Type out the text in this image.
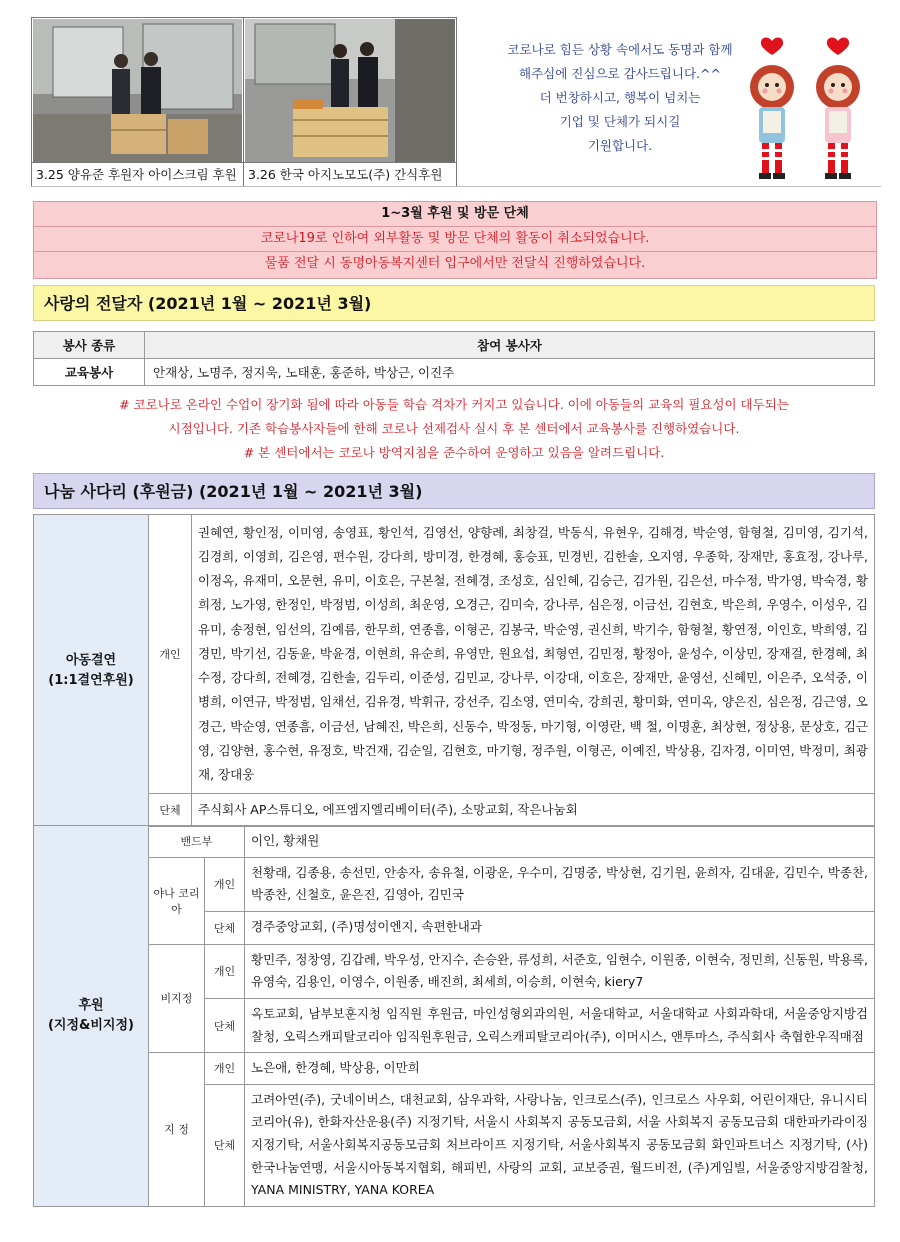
3.25 양유준 후원자 아이스크림 후원 3.26 한국 아지노모도(주) 간식후원
코로나로 힘든 상황 속에서도 동명과 함께
해주심에 진심으로 감사드립니다.^^
더 번창하시고, 행복이 넘치는
기업 및 단체가 되시길
기원합니다.
1~3월 후원 및 방문 단체
코로나19로 인하여 외부활동 및 방문 단체의 활동이 취소되었습니다.
물품 전달 시 동명아동복지센터 입구에서만 전달식 진행하였습니다.
사랑의 전달자 (2021년 1월 ~ 2021년 3월)
봉사 종류	참여 봉사자
교육봉사	안재상, 노명주, 정지욱, 노태훈, 홍준하, 박상근, 이진주
# 코로나로 온라인 수업이 장기화 됨에 따라 아동들 학습 격차가 커지고 있습니다. 이에 아동들의 교육의 필요성이 대두되는
시점입니다. 기존 학습봉사자들에 한해 코로나 선제검사 실시 후 본 센터에서 교육봉사를 진행하였습니다.
# 본 센터에서는 코로나 방역지침을 준수하여 운영하고 있음을 알려드립니다.
나눔 사다리 (후원금) (2021년 1월 ~ 2021년 3월)
아동결연
(1:1결연후원)	개인	권혜연, 황인정, 이미영, 송영표, 황인석, 김영선, 양향례, 최창걸, 박동식, 유현우, 김해경, 박순영, 함형철, 김미영, 김기석, 김경희, 이영희, 김은영, 편수원, 강다희, 방미경, 한경혜, 홍승표, 민경빈, 김한솔, 오지영, 우종학, 장재만, 홍효정, 강나루, 이정옥, 유재미, 오문현, 유미, 이호은, 구본철, 전혜경, 조성호, 심인혜, 김승근, 김가원, 김은선, 마수정, 박가영, 박숙경, 황희정, 노가영, 한정인, 박정범, 이성희, 최운영, 오경근, 김미숙, 강나루, 심은정, 이금선, 김현호, 박은희, 우영수, 이성우, 김유미, 송정현, 임선의, 김예름, 한무희, 연종흠, 이형곤, 김봉국, 박순영, 권신희, 박기수, 함형철, 황연정, 이인호, 박희영, 김경민, 박기선, 김동윤, 박윤경, 이현희, 유순희, 유영만, 원요섭, 최형연, 김민정, 황정아, 윤성수, 이상민, 장재걸, 한경혜, 최수정, 강다희, 전혜경, 김한솔, 김두리, 이준성, 김민교, 강나루, 이강대, 이호은, 장재만, 윤영선, 신혜민, 이은주, 오석중, 이병희, 이연규, 박정범, 임채선, 김유경, 박휘규, 강선주, 김소영, 연미숙, 강희권, 황미화, 연미옥, 양은진, 심은정, 김근영, 오경근, 박순영, 연종흠, 이금선, 남혜진, 박은희, 신동수, 박정동, 마기형, 이영란, 백 철, 이명훈, 최상현, 정상용, 문상호, 김근영, 김양현, 홍수현, 유정호, 박건재, 김순일, 김현호, 마기형, 정주원, 이형곤, 이예진, 박상용, 김자경, 이미연, 박정미, 최광재, 장대웅
	단체	주식회사 AP스튜디오, 에프엠지엘리베이터(주), 소망교회, 작은나눔회
후원
(지정&비지정)	밴드부		이인, 황채원
	야나 코리아	개인	천황래, 김종용, 송선민, 안송자, 송유철, 이광운, 우수미, 김명중, 박상현, 김기원, 윤희자, 김대윤, 김민수, 박종찬, 박종찬, 신철호, 윤은진, 김영아, 김민국
		단체	경주중앙교회, (주)명성이엔지, 속편한내과
	비지정	개인	황민주, 정창영, 김갑례, 박우성, 안지수, 손승완, 류성희, 서준호, 임현수, 이원종, 이현숙, 정민희, 신동원, 박용록, 유영숙, 김용인, 이영수, 이원종, 배진희, 최세희, 이승희, 이현숙, kiery7
		단체	옥토교회, 남부보훈지청 임직원 후원금, 마인성형외과의원, 서울대학교, 서울대학교 사회과학대, 서울중앙지방검찰청, 오릭스캐피탈코리아 임직원후원금, 오릭스캐피탈코리아(주), 이머시스, 앤투마스, 주식회사 축협한우직매점
	지 정	개인	노은애, 한경혜, 박상용, 이만희
		단체	고려아연(주), 굿네이버스, 대천교회, 삼우과학, 사랑나눔, 인크로스(주), 인크로스 사우회, 어린이재단, 유니시티코리아(유), 한화자산운용(주) 지정기탁, 서울시 사회복지 공동모금회, 서울 사회복지 공동모금회 대한파카라이징 지정기탁, 서울사회복지공동모금회 처브라이프 지정기탁, 서울사회복지 공동모금회 화인파트너스 지정기탁, (사)한국나눔연맹, 서울시아동복지협회, 해피빈, 사랑의 교회, 교보증권, 월드비전, (주)게임빌, 서울중앙지방검찰청, YANA MINISTRY, YANA KOREA
